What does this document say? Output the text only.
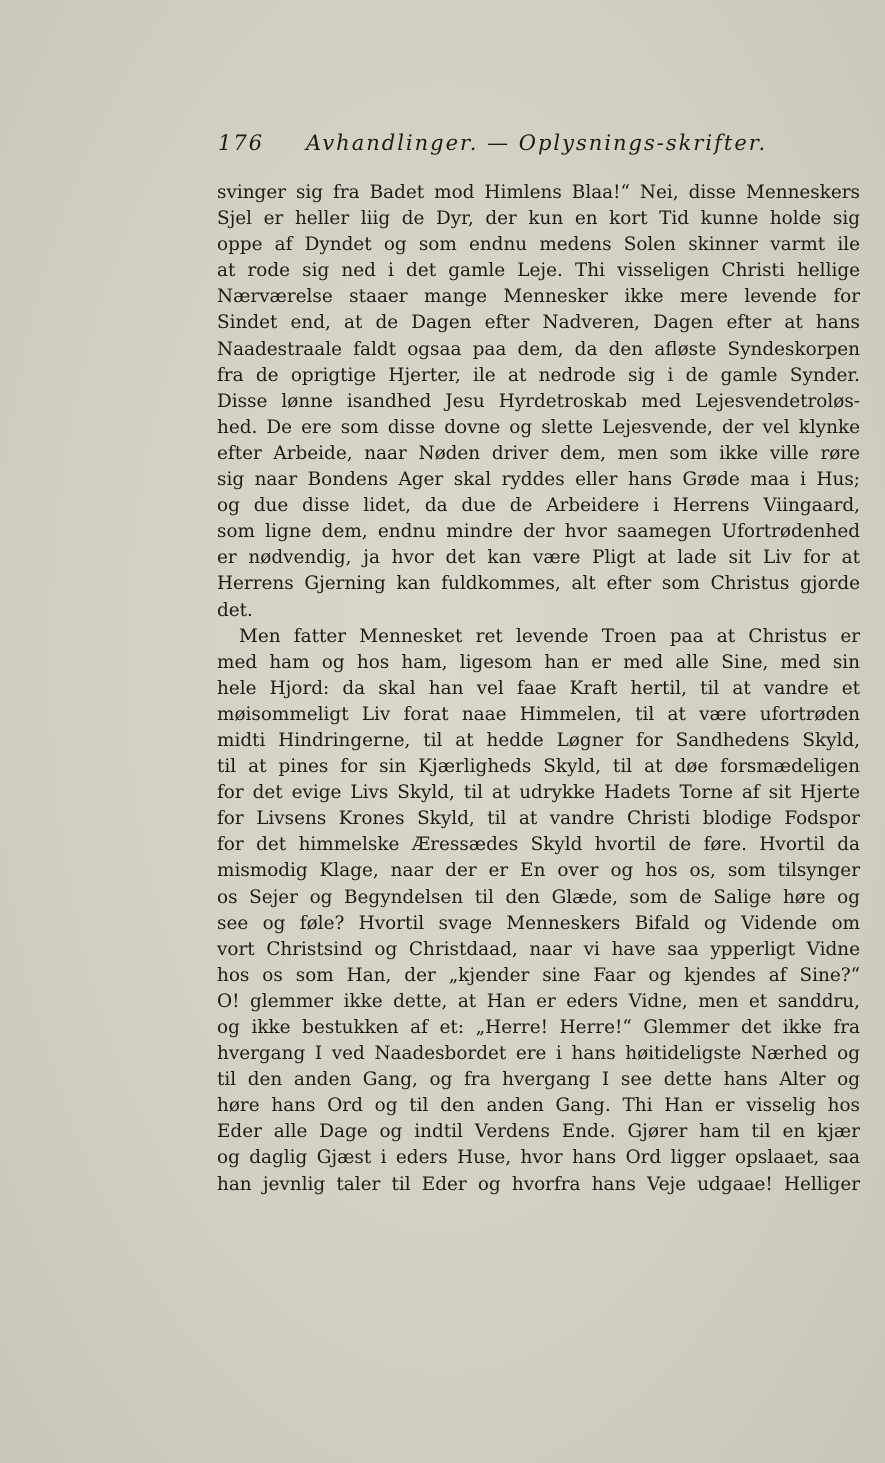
176 Avhandlinger. — Oplysnings-skrifter.
svinger sig fra Badet mod Himlens Blaa!“ Nei, disse Menneskers
Sjel er heller liig de Dyr, der kun en kort Tid kunne holde sig
oppe af Dyndet og som endnu medens Solen skinner varmt ile
at rode sig ned i det gamle Leje. Thi visseligen Christi hellige
Nærværelse staaer mange Mennesker ikke mere levende for
Sindet end, at de Dagen efter Nadveren, Dagen efter at hans
Naadestraale faldt ogsaa paa dem, da den afløste Syndeskorpen
fra de oprigtige Hjerter, ile at nedrode sig i de gamle Synder.
Disse lønne isandhed Jesu Hyrdetroskab med Lejesvendetroløs-
hed. De ere som disse dovne og slette Lejesvende, der vel klynke
efter Arbeide, naar Nøden driver dem, men som ikke ville røre
sig naar Bondens Ager skal ryddes eller hans Grøde maa i Hus;
og due disse lidet, da due de Arbeidere i Herrens Viingaard,
som ligne dem, endnu mindre der hvor saamegen Ufortrødenhed
er nødvendig, ja hvor det kan være Pligt at lade sit Liv for at
Herrens Gjerning kan fuldkommes, alt efter som Christus gjorde
det.
Men fatter Mennesket ret levende Troen paa at Christus er
med ham og hos ham, ligesom han er med alle Sine, med sin
hele Hjord: da skal han vel faae Kraft hertil, til at vandre et
møisommeligt Liv forat naae Himmelen, til at være ufortrøden
midti Hindringerne, til at hedde Løgner for Sandhedens Skyld,
til at pines for sin Kjærligheds Skyld, til at døe forsmædeligen
for det evige Livs Skyld, til at udrykke Hadets Torne af sit Hjerte
for Livsens Krones Skyld, til at vandre Christi blodige Fodspor
for det himmelske Æressædes Skyld hvortil de føre. Hvortil da
mismodig Klage, naar der er En over og hos os, som tilsynger
os Sejer og Begyndelsen til den Glæde, som de Salige høre og
see og føle? Hvortil svage Menneskers Bifald og Vidende om
vort Christsind og Christdaad, naar vi have saa ypperligt Vidne
hos os som Han, der „kjender sine Faar og kjendes af Sine?“
O! glemmer ikke dette, at Han er eders Vidne, men et sanddru,
og ikke bestukken af et: „Herre! Herre!“ Glemmer det ikke fra
hvergang I ved Naadesbordet ere i hans høitideligste Nærhed og
til den anden Gang, og fra hvergang I see dette hans Alter og
høre hans Ord og til den anden Gang. Thi Han er visselig hos
Eder alle Dage og indtil Verdens Ende. Gjører ham til en kjær
og daglig Gjæst i eders Huse, hvor hans Ord ligger opslaaet, saa
han jevnlig taler til Eder og hvorfra hans Veje udgaae! Helliger
